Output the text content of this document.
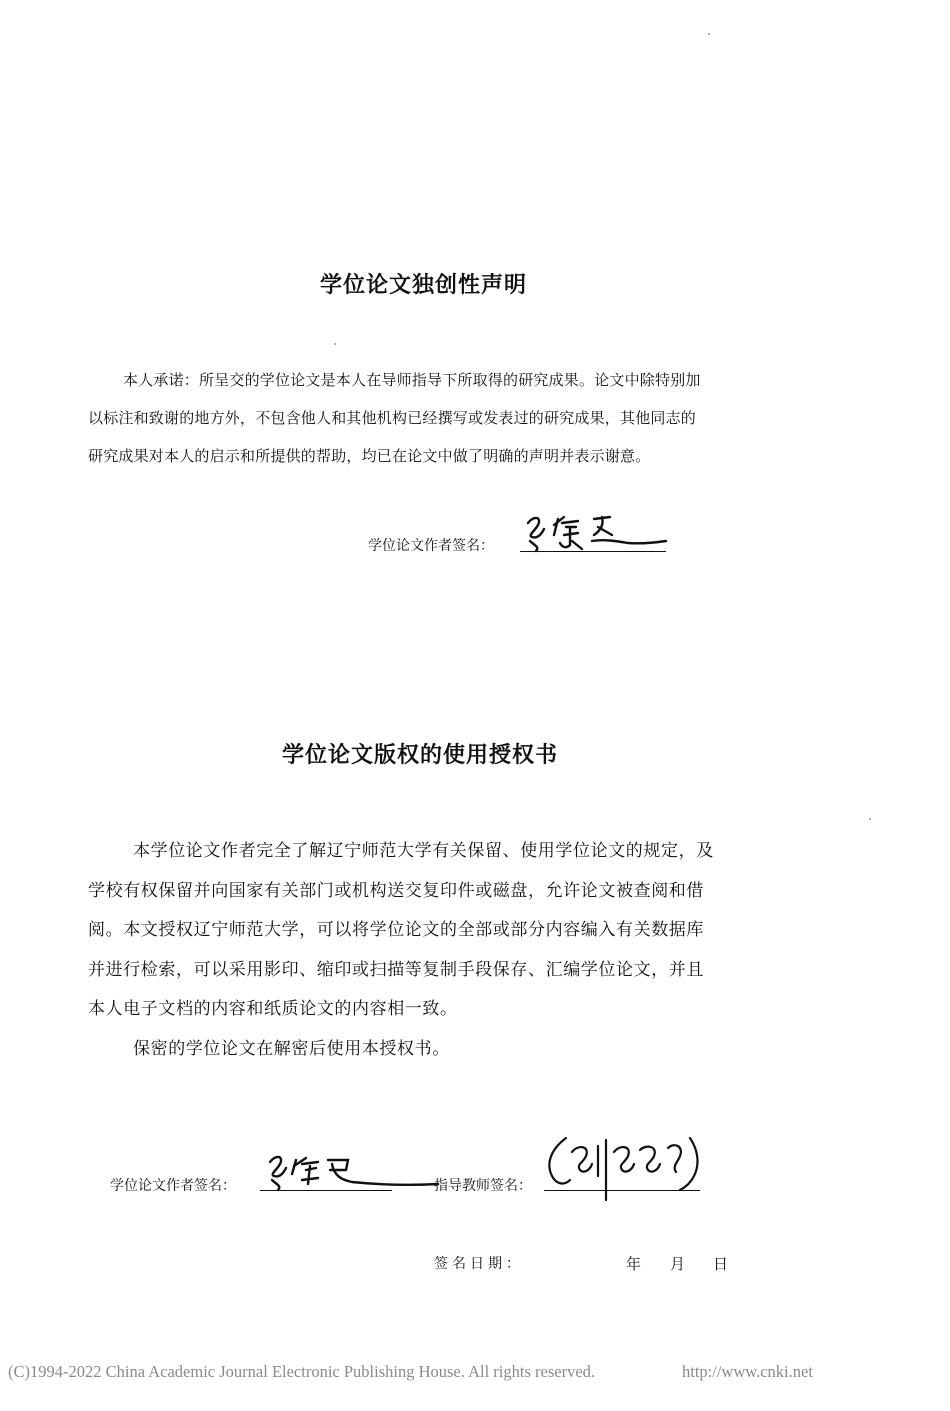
学位论文独创性声明
本人承诺：所呈交的学位论文是本人在导师指导下所取得的研究成果。论文中除特别加
以标注和致谢的地方外，不包含他人和其他机构已经撰写或发表过的研究成果，其他同志的
研究成果对本人的启示和所提供的帮助，均已在论文中做了明确的声明并表示谢意。
学位论文作者签名：
学位论文版权的使用授权书
本学位论文作者完全了解辽宁师范大学有关保留、使用学位论文的规定，及
学校有权保留并向国家有关部门或机构送交复印件或磁盘，允许论文被查阅和借
阅。本文授权辽宁师范大学，可以将学位论文的全部或部分内容编入有关数据库
并进行检索，可以采用影印、缩印或扫描等复制手段保存、汇编学位论文，并且
本人电子文档的内容和纸质论文的内容相一致。
保密的学位论文在解密后使用本授权书。
学位论文作者签名：	指导教师签名：
签名日期：	年 月 日
(C)1994-2022 China Academic Journal Electronic Publishing House. All rights reserved.	http://www.cnki.net
